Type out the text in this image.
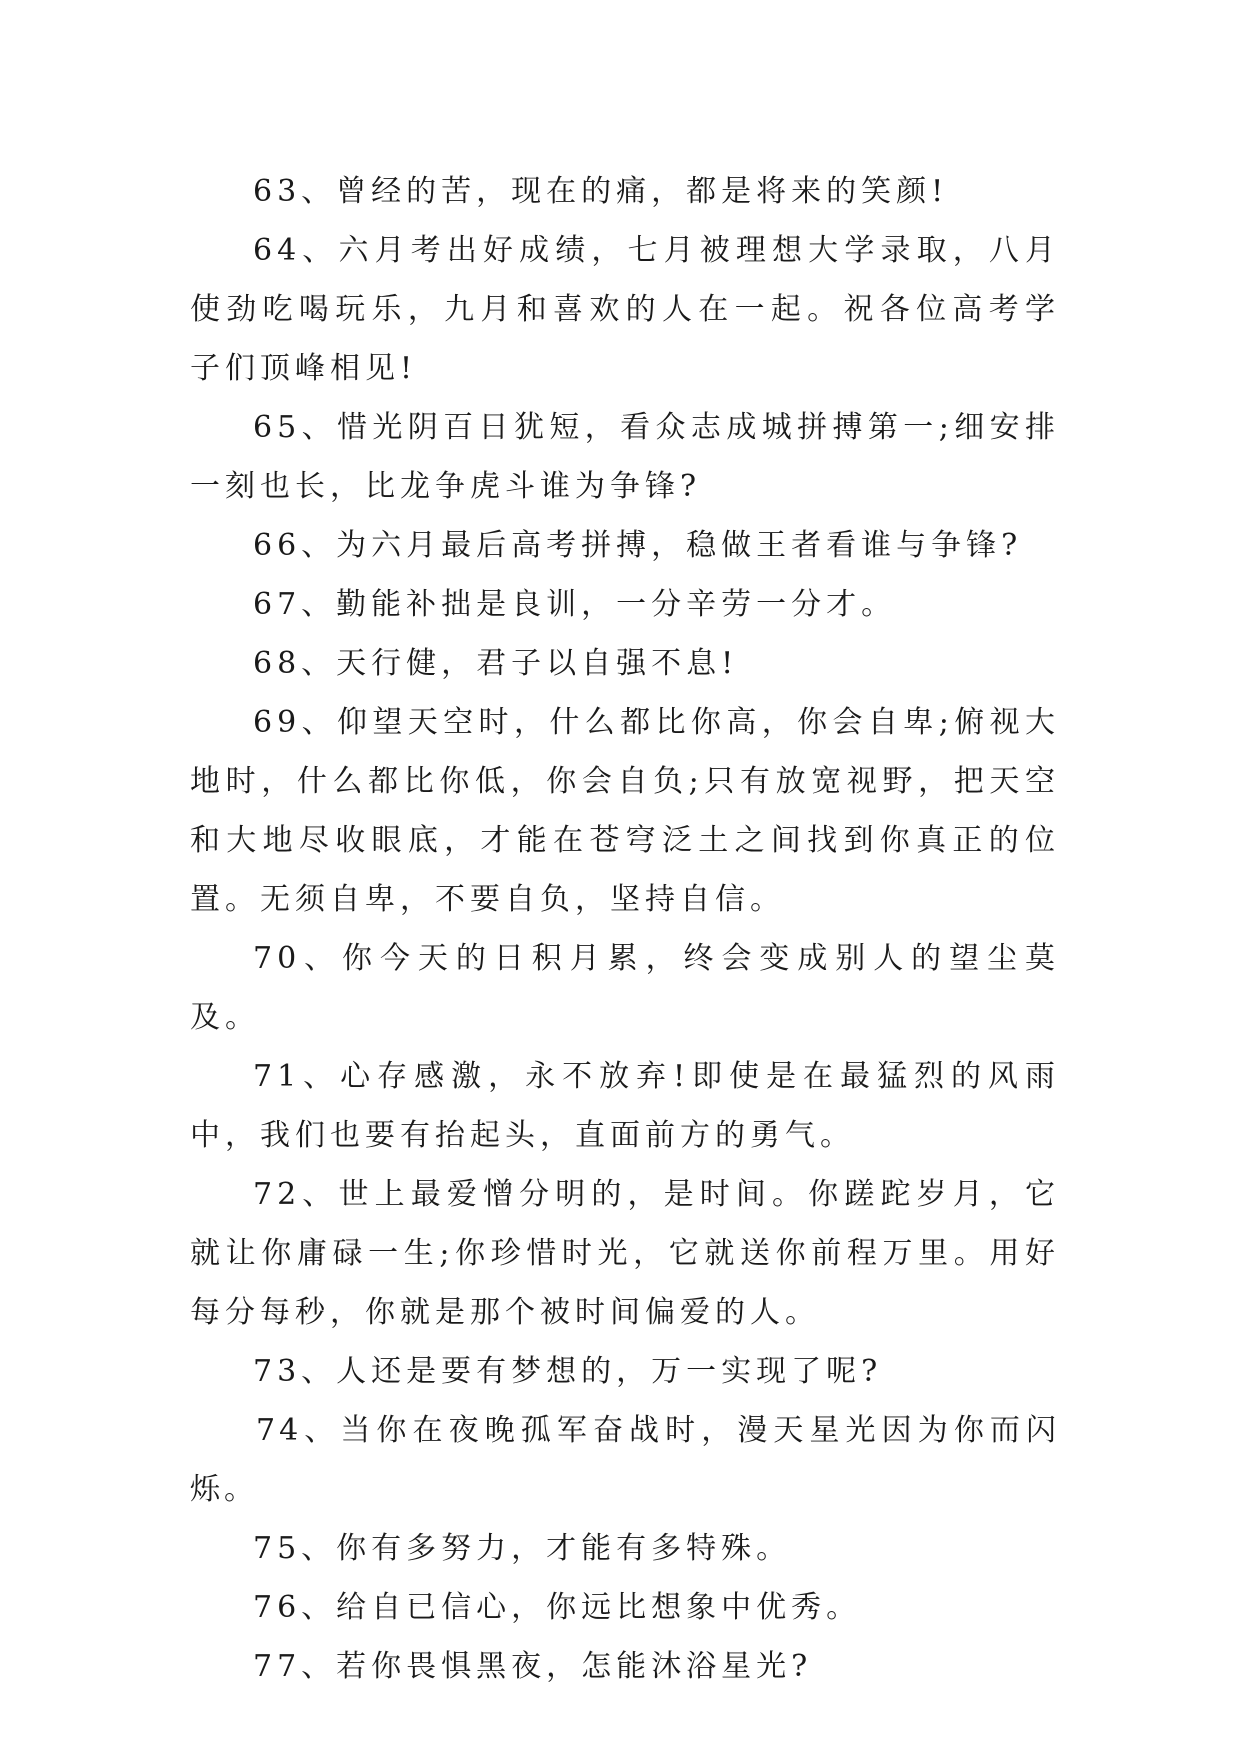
63、曾经的苦，现在的痛，都是将来的笑颜!

64、六月考出好成绩，七月被理想大学录取，八月使劲吃喝玩乐，九月和喜欢的人在一起。祝各位高考学子们顶峰相见!

65、惜光阴百日犹短，看众志成城拼搏第一;细安排一刻也长，比龙争虎斗谁为争锋?

66、为六月最后高考拼搏，稳做王者看谁与争锋?

67、勤能补拙是良训，一分辛劳一分才。

68、天行健，君子以自强不息!

69、仰望天空时，什么都比你高，你会自卑;俯视大地时，什么都比你低，你会自负;只有放宽视野，把天空和大地尽收眼底，才能在苍穹泛土之间找到你真正的位置。无须自卑，不要自负，坚持自信。

70、你今天的日积月累，终会变成别人的望尘莫及。

71、心存感激，永不放弃!即使是在最猛烈的风雨中，我们也要有抬起头，直面前方的勇气。

72、世上最爱憎分明的，是时间。你蹉跎岁月，它就让你庸碌一生;你珍惜时光，它就送你前程万里。用好每分每秒，你就是那个被时间偏爱的人。

73、人还是要有梦想的，万一实现了呢?

74、当你在夜晚孤军奋战时，漫天星光因为你而闪烁。

75、你有多努力，才能有多特殊。

76、给自已信心，你远比想象中优秀。

77、若你畏惧黑夜，怎能沐浴星光?
